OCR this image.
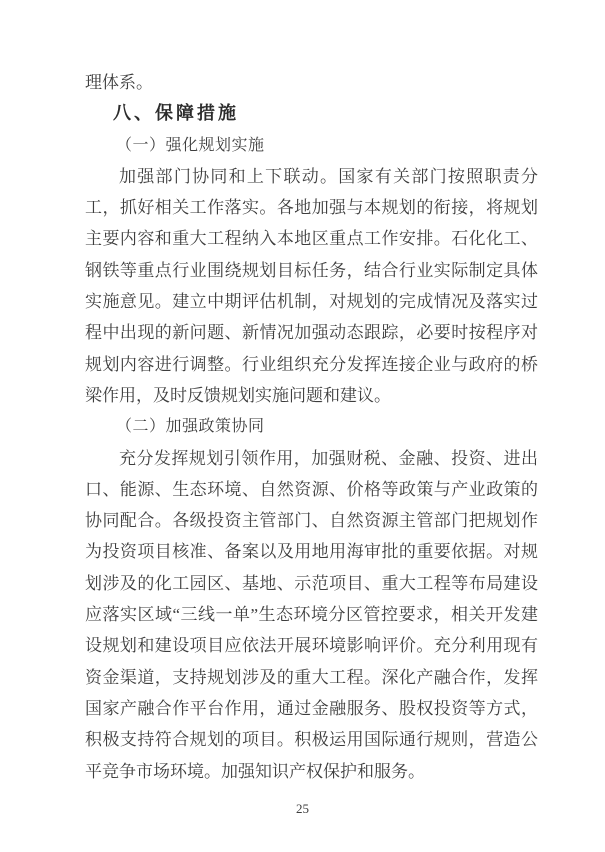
理体系。
八、保障措施
（一）强化规划实施
加强部门协同和上下联动。国家有关部门按照职责分
工，抓好相关工作落实。各地加强与本规划的衔接，将规划
主要内容和重大工程纳入本地区重点工作安排。石化化工、
钢铁等重点行业围绕规划目标任务，结合行业实际制定具体
实施意见。建立中期评估机制，对规划的完成情况及落实过
程中出现的新问题、新情况加强动态跟踪，必要时按程序对
规划内容进行调整。行业组织充分发挥连接企业与政府的桥
梁作用，及时反馈规划实施问题和建议。
（二）加强政策协同
充分发挥规划引领作用，加强财税、金融、投资、进出
口、能源、生态环境、自然资源、价格等政策与产业政策的
协同配合。各级投资主管部门、自然资源主管部门把规划作
为投资项目核准、备案以及用地用海审批的重要依据。对规
划涉及的化工园区、基地、示范项目、重大工程等布局建设
应落实区域“三线一单”生态环境分区管控要求，相关开发建
设规划和建设项目应依法开展环境影响评价。充分利用现有
资金渠道，支持规划涉及的重大工程。深化产融合作，发挥
国家产融合作平台作用，通过金融服务、股权投资等方式，
积极支持符合规划的项目。积极运用国际通行规则，营造公
平竞争市场环境。加强知识产权保护和服务。
25
